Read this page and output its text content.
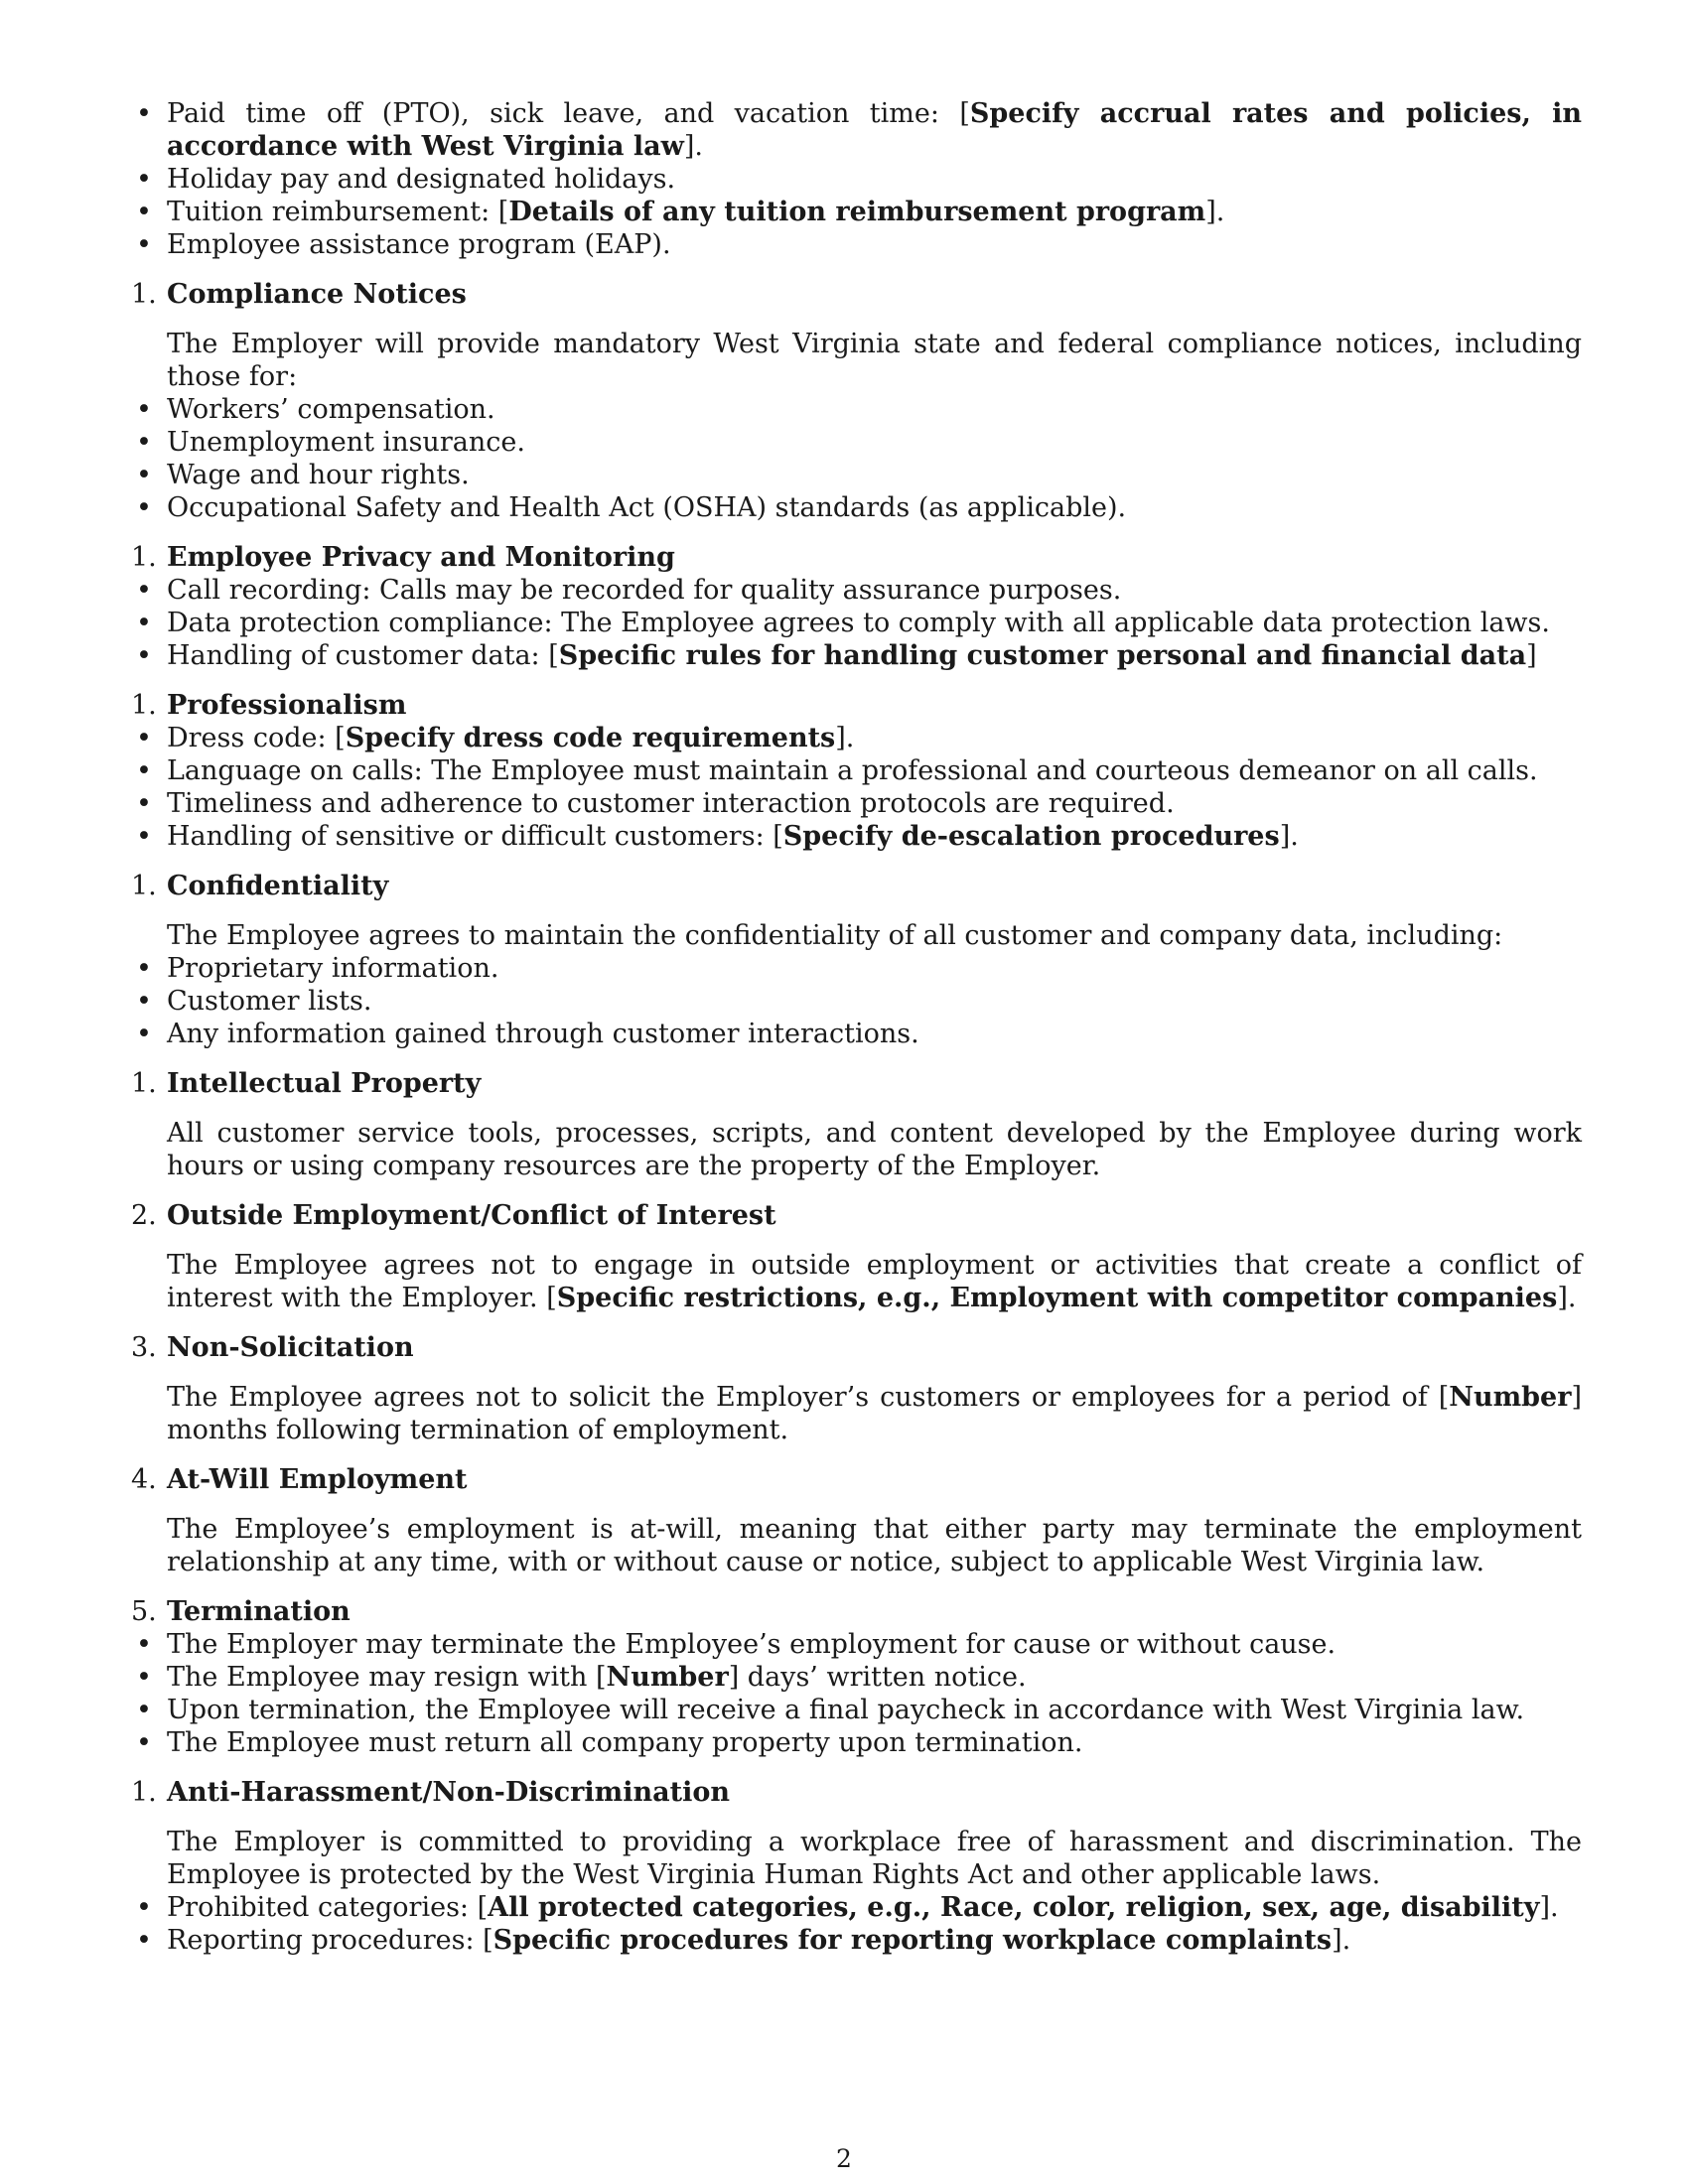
• Paid time off (PTO), sick leave, and vacation time: [Specify accrual rates and policies, in accordance with West Virginia law].
• Holiday pay and designated holidays.
• Tuition reimbursement: [Details of any tuition reimbursement program].
• Employee assistance program (EAP).
1. Compliance Notices
The Employer will provide mandatory West Virginia state and federal compliance notices, including those for:
• Workers’ compensation.
• Unemployment insurance.
• Wage and hour rights.
• Occupational Safety and Health Act (OSHA) standards (as applicable).
1. Employee Privacy and Monitoring
• Call recording: Calls may be recorded for quality assurance purposes.
• Data protection compliance: The Employee agrees to comply with all applicable data protection laws.
• Handling of customer data: [Specific rules for handling customer personal and financial data]
1. Professionalism
• Dress code: [Specify dress code requirements].
• Language on calls: The Employee must maintain a professional and courteous demeanor on all calls.
• Timeliness and adherence to customer interaction protocols are required.
• Handling of sensitive or difficult customers: [Specify de-escalation procedures].
1. Confidentiality
The Employee agrees to maintain the confidentiality of all customer and company data, including:
• Proprietary information.
• Customer lists.
• Any information gained through customer interactions.
1. Intellectual Property
All customer service tools, processes, scripts, and content developed by the Employee during work hours or using company resources are the property of the Employer.
2. Outside Employment/Conflict of Interest
The Employee agrees not to engage in outside employment or activities that create a conflict of interest with the Employer. [Specific restrictions, e.g., Employment with competitor companies].
3. Non-Solicitation
The Employee agrees not to solicit the Employer’s customers or employees for a period of [Number] months following termination of employment.
4. At-Will Employment
The Employee’s employment is at-will, meaning that either party may terminate the employment relationship at any time, with or without cause or notice, subject to applicable West Virginia law.
5. Termination
• The Employer may terminate the Employee’s employment for cause or without cause.
• The Employee may resign with [Number] days’ written notice.
• Upon termination, the Employee will receive a final paycheck in accordance with West Virginia law.
• The Employee must return all company property upon termination.
1. Anti-Harassment/Non-Discrimination
The Employer is committed to providing a workplace free of harassment and discrimination. The Employee is protected by the West Virginia Human Rights Act and other applicable laws.
• Prohibited categories: [All protected categories, e.g., Race, color, religion, sex, age, disability].
• Reporting procedures: [Specific procedures for reporting workplace complaints].
2
